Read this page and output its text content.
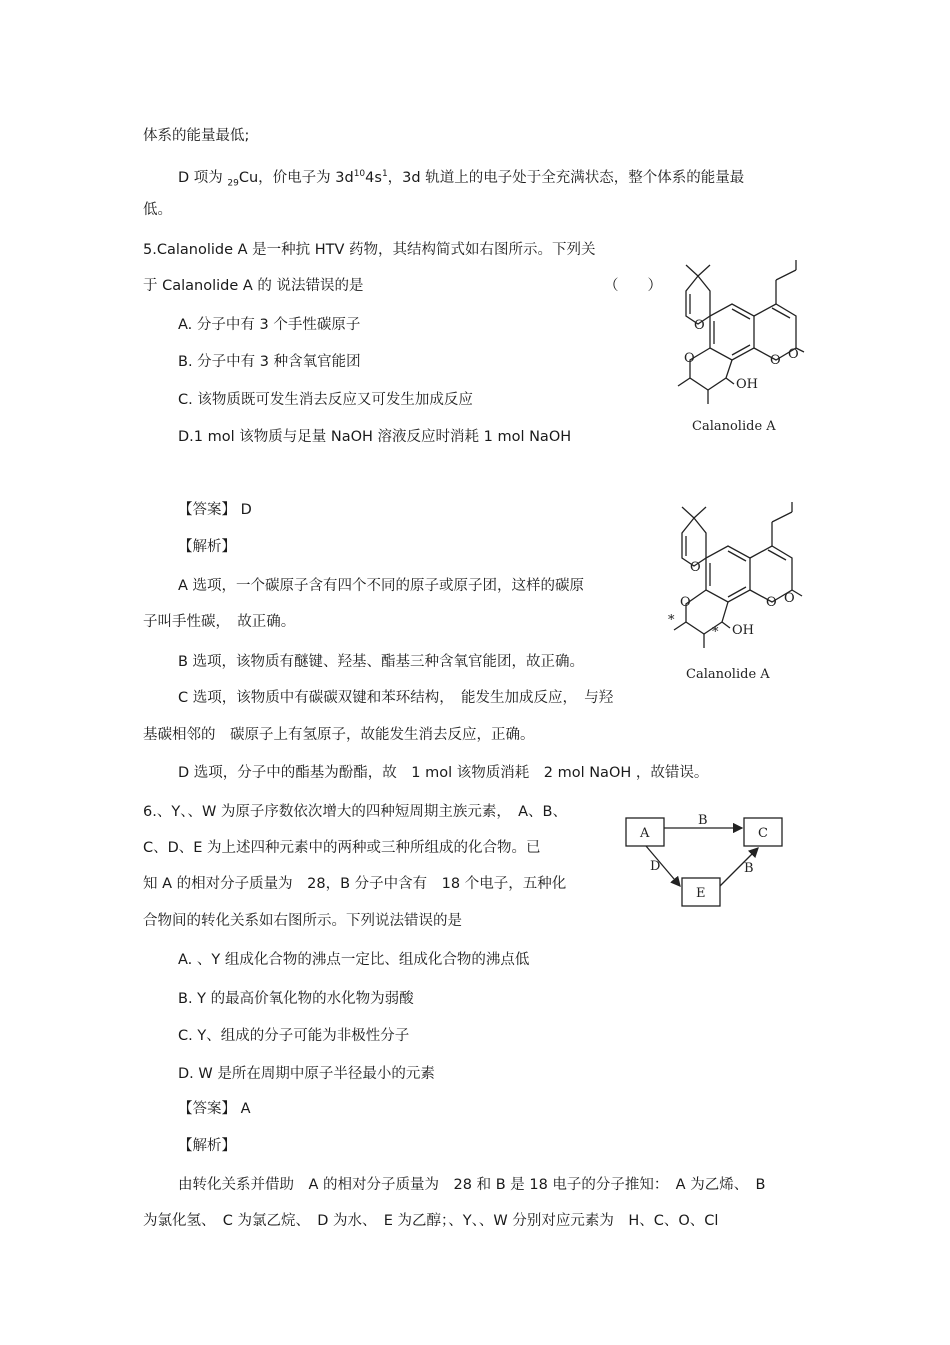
体系的能量最低;
D 项为 $_{29}$Cu，价电子为 $3d^{10}4s^1$，3d 轨道上的电子处于全充满状态，整个体系的能量最
低。
5.Calanolide A 是一种抗 HTV 药物，其结构简式如右图所示。下列关
于 Calanolide A 的 说法错误的是	（　　）
A. 分子中有 3 个手性碳原子
B. 分子中有 3 种含氧官能团
C. 该物质既可发生消去反应又可发生加成反应
D.1 mol 该物质与足量 NaOH 溶液反应时消耗 1 mol NaOH
【答案】 D
【解析】
A 选项，一个碳原子含有四个不同的原子或原子团，这样的碳原
子叫手性碳，　故正确。
B 选项，该物质有醚键、羟基、酯基三种含氧官能团，故正确。
C 选项，该物质中有碳碳双键和苯环结构，　能发生加成反应，　与羟
基碳相邻的　碳原子上有氢原子，故能发生消去反应，正确。
D 选项，分子中的酯基为酚酯，故　1 mol 该物质消耗　2 mol NaOH ，故错误。
6.、Y、、W 为原子序数依次增大的四种短周期主族元素，　A、B、
C、D、E 为上述四种元素中的两种或三种所组成的化合物。已
知 A 的相对分子质量为　28，B 分子中含有　18 个电子，五种化
合物间的转化关系如右图所示。下列说法错误的是
A. 、Y 组成化合物的沸点一定比、组成化合物的沸点低
B. Y 的最高价氧化物的水化物为弱酸
C. Y、组成的分子可能为非极性分子
D. W 是所在周期中原子半径最小的元素
【答案】 A
【解析】
由转化关系并借助　A 的相对分子质量为　28 和 B 是 18 电子的分子推知：　A 为乙烯、　B
为氯化氢、　C 为氯乙烷、　D 为水、　E 为乙醇；、Y、、W 分别对应元素为　H、C、O、Cl
OH
O
O	O O
Calanolide A
*
* OH
O
O	O O
Calanolide A
A	C
E
B
D	B
